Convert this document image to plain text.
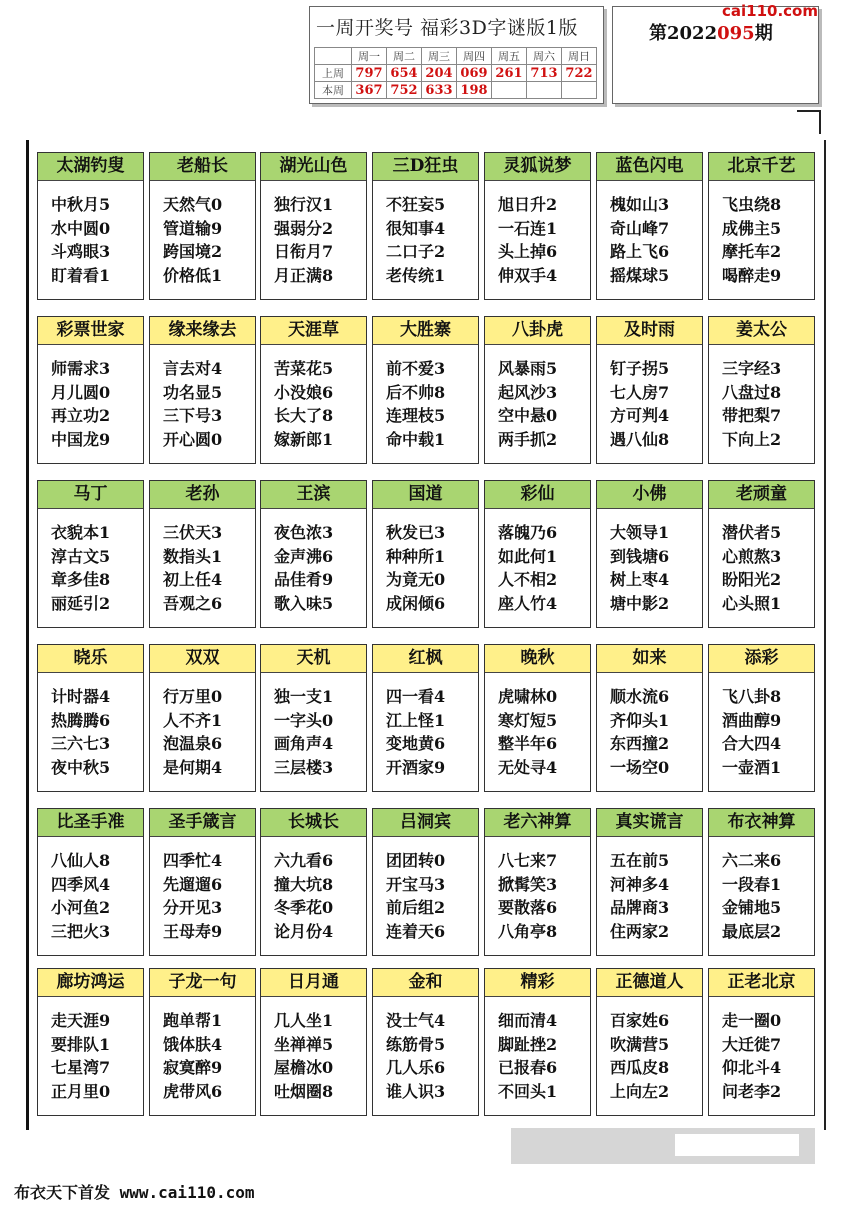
一周开奖号 福彩3D字谜版1版
	周一	周二	周三	周四	周五	周六	周日
上周	797	654	204	069	261	713	722
本周	367	752	633	198			
第2022095期
cai110.com
太湖钓叟
中秋月5
水中圆0
斗鸡眼3
盯着看1
老船长
天然气0
管道输9
跨国境2
价格低1
湖光山色
独行汉1
强弱分2
日衔月7
月正满8
三D狂虫
不狂妄5
很知事4
二口子2
老传统1
灵狐说梦
旭日升2
一石连1
头上掉6
伸双手4
蓝色闪电
槐如山3
奇山峰7
路上飞6
摇煤球5
北京千艺
飞虫绕8
成佛主5
摩托车2
喝醉走9
彩票世家
师需求3
月儿圆0
再立功2
中国龙9
缘来缘去
言去对4
功名显5
三下号3
开心圆0
天涯草
苦菜花5
小没娘6
长大了8
嫁新郎1
大胜寨
前不爱3
后不帅8
连理枝5
命中载1
八卦虎
风暴雨5
起风沙3
空中悬0
两手抓2
及时雨
钉子拐5
七人房7
方可判4
遇八仙8
姜太公
三字经3
八盘过8
带把梨7
下向上2
马丁
衣貌本1
淳古文5
章多佳8
丽延引2
老孙
三伏天3
数指头1
初上任4
吾观之6
王滨
夜色浓3
金声沸6
品佳肴9
歌入味5
国道
秋发已3
种种所1
为竟无0
成闲倾6
彩仙
落魄乃6
如此何1
人不相2
座人竹4
小佛
大领导1
到钱塘6
树上枣4
塘中影2
老顽童
潜伏者5
心煎熬3
盼阳光2
心头照1
晓乐
计时器4
热腾腾6
三六七3
夜中秋5
双双
行万里0
人不齐1
泡温泉6
是何期4
天机
独一支1
一字头0
画角声4
三层楼3
红枫
四一看4
江上怪1
变地黄6
开酒家9
晚秋
虎啸林0
寒灯短5
整半年6
无处寻4
如来
顺水流6
齐仰头1
东西撞2
一场空0
添彩
飞八卦8
酒曲醇9
合大四4
一壶酒1
比圣手准
八仙人8
四季风4
小河鱼2
三把火3
圣手箴言
四季忙4
先遛遛6
分开见3
王母寿9
长城长
六九看6
撞大坑8
冬季花0
论月份4
吕洞宾
团团转0
开宝马3
前后组2
连着天6
老六神算
八七来7
掀髯笑3
要散落6
八角亭8
真实谎言
五在前5
河神多4
品牌商3
住两家2
布衣神算
六二来6
一段春1
金铺地5
最底层2
廊坊鸿运
走天涯9
要排队1
七星湾7
正月里0
子龙一句
跑单帮1
饿体肤4
寂寞醉9
虎带风6
日月通
几人坐1
坐禅禅5
屋檐冰0
吐烟圈8
金和
没士气4
练筋骨5
几人乐6
谁人识3
精彩
细而清4
脚趾挫2
已报春6
不回头1
正德道人
百家姓6
吹满营5
西瓜皮8
上向左2
正老北京
走一圈0
大迁徙7
仰北斗4
问老李2
布衣天下首发 www.cai110.com
